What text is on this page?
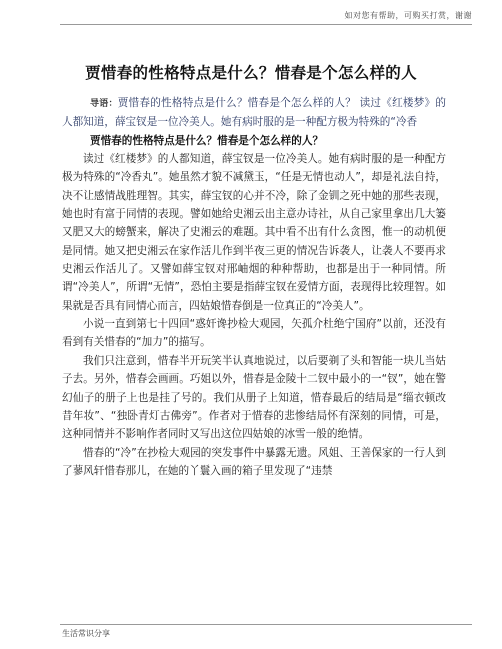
如对您有帮助，可购买打赏，谢谢
贾惜春的性格特点是什么？惜春是个怎么样的人

导语：贾惜春的性格特点是什么？惜春是个怎么样的人？ 读过《红楼梦》的人都知道，薛宝钗是一位冷美人。她有病时服的是一种配方极为特殊的“冷香

贾惜春的性格特点是什么？惜春是个怎么样的人？

读过《红楼梦》的人都知道，薛宝钗是一位冷美人。她有病时服的是一种配方极为特殊的“冷香丸”。她虽然才貌不减黛玉，“任是无情也动人”，却是礼法自持，决不让感情战胜理智。其实，薛宝钗的心并不冷，除了金钏之死中她的那些表现，她也时有富于同情的表现。譬如她给史湘云出主意办诗社，从自己家里拿出几大篓又肥又大的螃蟹来，解决了史湘云的难题。其中看不出有什么贪图，惟一的动机便是同情。她又把史湘云在家作活儿作到半夜三更的情况告诉袭人，让袭人不要再求史湘云作活儿了。又譬如薛宝钗对邢岫烟的种种帮助，也都是出于一种同情。所谓“冷美人”，所谓“无情”，恐怕主要是指薛宝钗在爱情方面，表现得比较理智。如果就是否具有同情心而言，四姑娘惜春倒是一位真正的“冷美人”。

小说一直到第七十四回“惑奸谗抄检大观园，矢孤介杜绝宁国府”以前，还没有看到有关惜春的“加力”的描写。

我们只注意到，惜春半开玩笑半认真地说过，以后要剃了头和智能一块儿当姑子去。另外，惜春会画画。巧姐以外，惜春是金陵十二钗中最小的一“钗”，她在警幻仙子的册子上也是挂了号的。我们从册子上知道，惜春最后的结局是“缁衣顿改昔年妆”、“独卧青灯古佛旁”。作者对于惜春的悲惨结局怀有深刻的同情，可是，这种同情并不影响作者同时又写出这位四姑娘的冰雪一般的绝情。

惜春的“冷”在抄检大观园的突发事件中暴露无遗。风姐、王善保家的一行人到了蓼风轩惜春那儿，在她的丫鬟入画的箱子里发现了“违禁

生活常识分享
